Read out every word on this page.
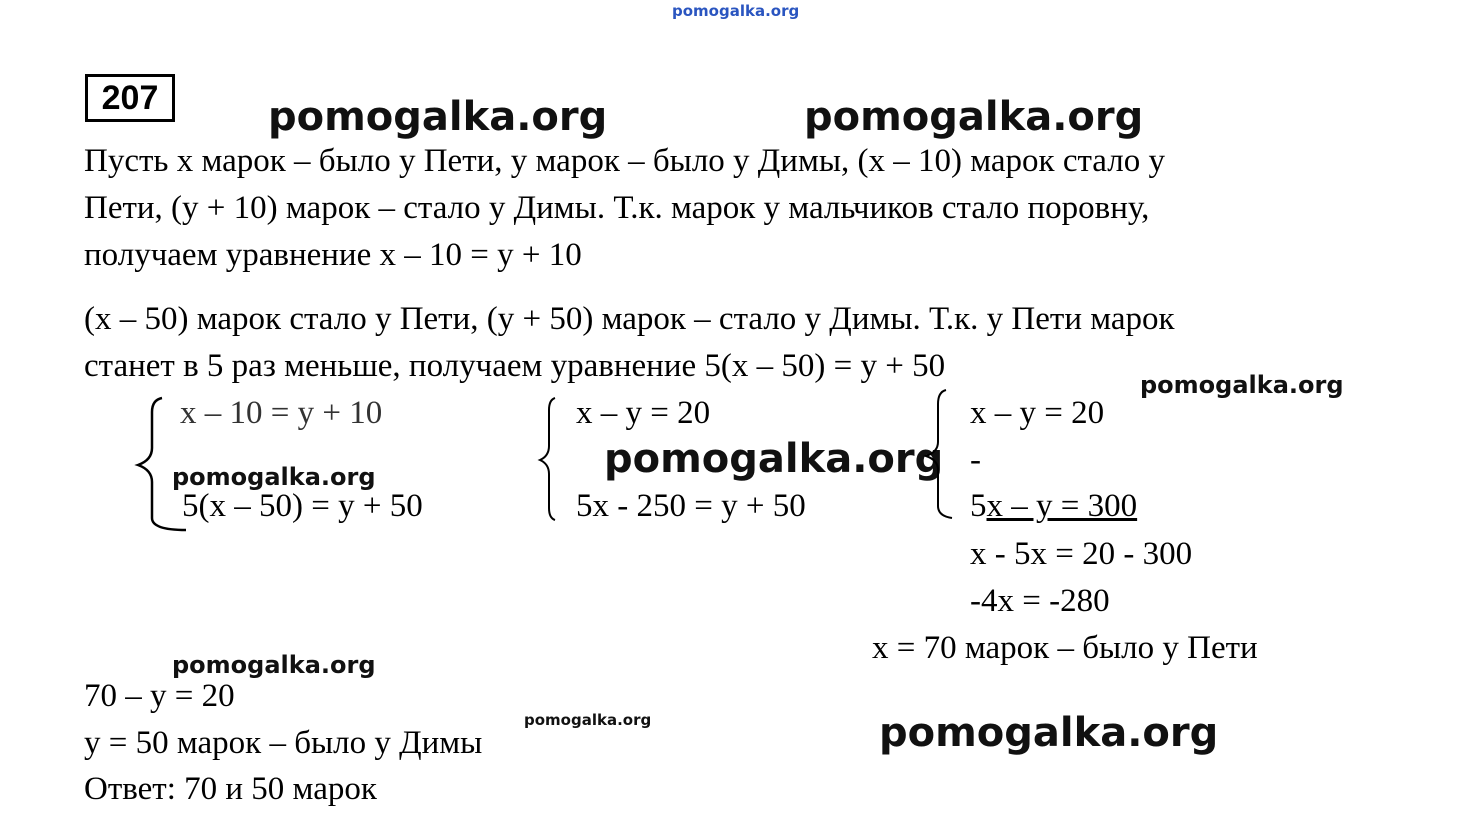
pomogalka.org
pomogalka.org	pomogalka.org
207
Пусть х марок – было у Пети, у марок – было у Димы, (х – 10) марок стало у
Пети, (у + 10) марок – стало у Димы. Т.к. марок у мальчиков стало поровну,
получаем уравнение х – 10 = у + 10
(х – 50) марок стало у Пети, (у + 50) марок – стало у Димы. Т.к. у Пети марок
станет в 5 раз меньше, получаем уравнение 5(х – 50) = у + 50
х – 10 = у + 10
pomogalka.org
5(х – 50) = у + 50
х – у = 20
5х - 250 = у + 50
pomogalka.org
pomogalka.org
х – у = 20
-
5х – у = 300
х - 5х = 20 - 300
-4х = -280
х = 70 марок – было у Пети
pomogalka.org
70 – у = 20
pomogalka.org
у = 50 марок – было у Димы	pomogalka.org
Ответ: 70 и 50 марок
